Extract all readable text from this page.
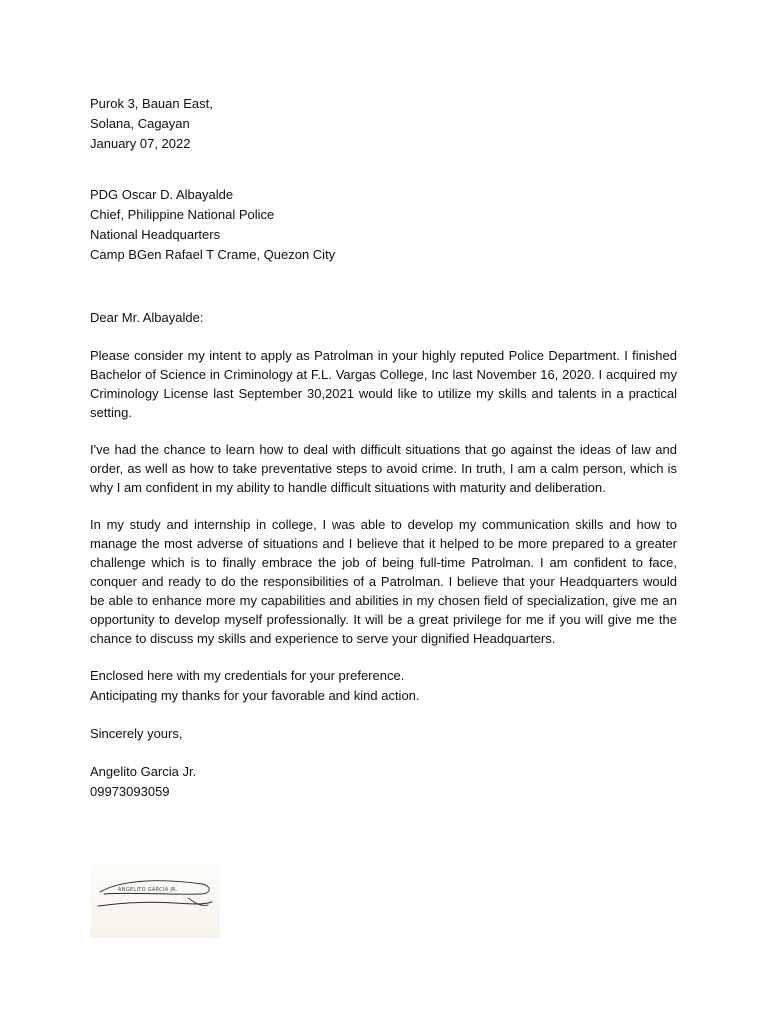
Purok 3, Bauan East,
Solana, Cagayan
January 07, 2022
PDG Oscar D. Albayalde
Chief, Philippine National Police
National Headquarters
Camp BGen Rafael T Crame, Quezon City
Dear Mr. Albayalde:

Please consider my intent to apply as Patrolman in your highly reputed Police Department. I finished Bachelor of Science in Criminology at F.L. Vargas College, Inc last November 16, 2020. I acquired my Criminology License last September 30,2021 would like to utilize my skills and talents in a practical setting.

I've had the chance to learn how to deal with difficult situations that go against the ideas of law and order, as well as how to take preventative steps to avoid crime. In truth, I am a calm person, which is why I am confident in my ability to handle difficult situations with maturity and deliberation.

In my study and internship in college, I was able to develop my communication skills and how to manage the most adverse of situations and I believe that it helped to be more prepared to a greater challenge which is to finally embrace the job of being full-time Patrolman. I am confident to face, conquer and ready to do the responsibilities of a Patrolman. I believe that your Headquarters would be able to enhance more my capabilities and abilities in my chosen field of specialization, give me an opportunity to develop myself professionally. It will be a great privilege for me if you will give me the chance to discuss my skills and experience to serve your dignified Headquarters.

Enclosed here with my credentials for your preference.
Anticipating my thanks for your favorable and kind action.
Sincerely yours,
Angelito Garcia Jr.
09973093059
ANGELITO GARCIA JR.
